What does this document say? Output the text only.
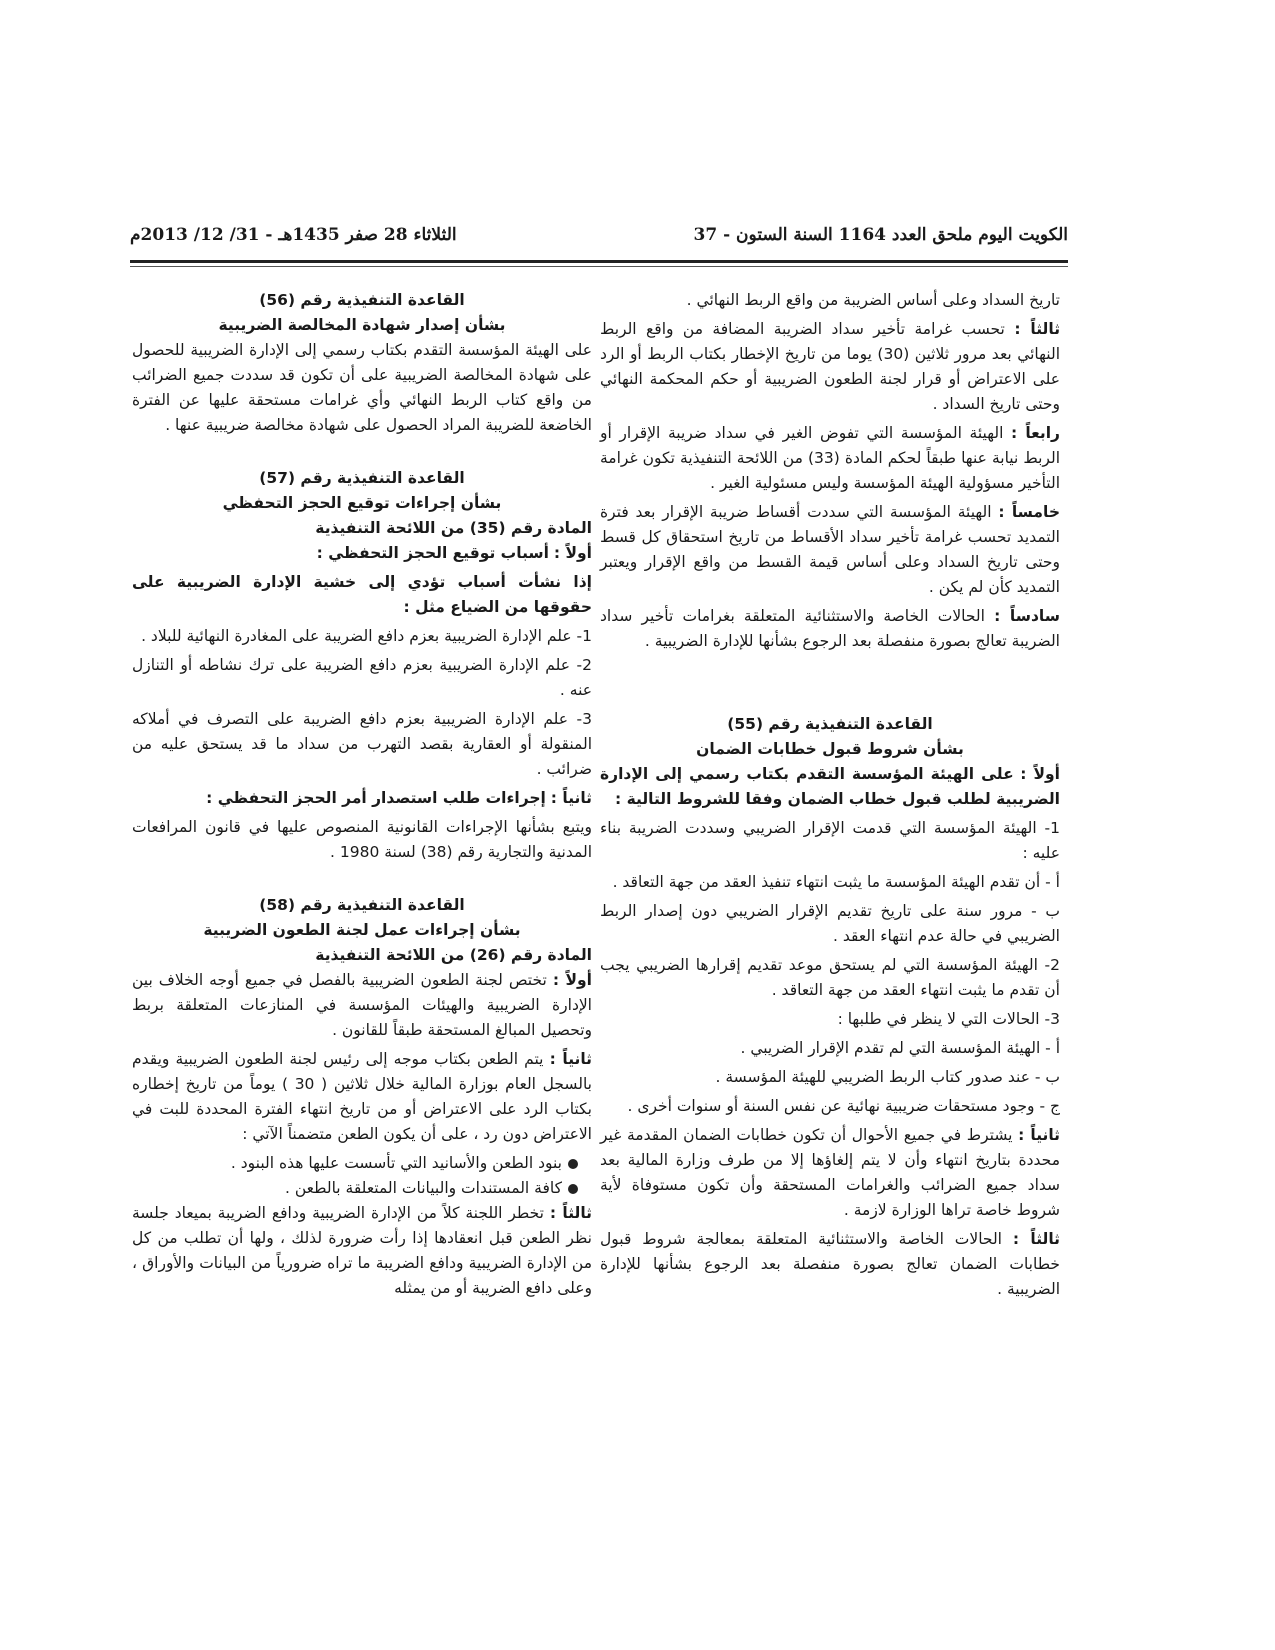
الكويت اليوم ملحق العدد 1164 السنة الستون - 37
الثلاثاء 28 صفر 1435هـ - 31/ 12/ 2013م

تاريخ السداد وعلى أساس الضريبة من واقع الربط النهائي .

ثالثاً : تحسب غرامة تأخير سداد الضريبة المضافة من واقع الربط النهائي بعد مرور ثلاثين (30) يوما من تاريخ الإخطار بكتاب الربط أو الرد على الاعتراض أو قرار لجنة الطعون الضريبية أو حكم المحكمة النهائي وحتى تاريخ السداد .

رابعاً : الهيئة المؤسسة التي تفوض الغير في سداد ضريبة الإقرار أو الربط نيابة عنها طبقاً لحكم المادة (33) من اللائحة التنفيذية تكون غرامة التأخير مسؤولية الهيئة المؤسسة وليس مسئولية الغير .

خامساً : الهيئة المؤسسة التي سددت أقساط ضريبة الإقرار بعد فترة التمديد تحسب غرامة تأخير سداد الأقساط من تاريخ استحقاق كل قسط وحتى تاريخ السداد وعلى أساس قيمة القسط من واقع الإقرار ويعتبر التمديد كأن لم يكن .

سادساً : الحالات الخاصة والاستثنائية المتعلقة بغرامات تأخير سداد الضريبة تعالج بصورة منفصلة بعد الرجوع بشأنها للإدارة الضريبية .

القاعدة التنفيذية رقم (55)

بشأن شروط قبول خطابات الضمان

أولاً : على الهيئة المؤسسة التقدم بكتاب رسمي إلى الإدارة الضريبية لطلب قبول خطاب الضمان وفقا للشروط التالية :

1- الهيئة المؤسسة التي قدمت الإقرار الضريبي وسددت الضريبة بناء عليه :

أ - أن تقدم الهيئة المؤسسة ما يثبت انتهاء تنفيذ العقد من جهة التعاقد .

ب - مرور سنة على تاريخ تقديم الإقرار الضريبي دون إصدار الربط الضريبي في حالة عدم انتهاء العقد .

2- الهيئة المؤسسة التي لم يستحق موعد تقديم إقرارها الضريبي يجب أن تقدم ما يثبت انتهاء العقد من جهة التعاقد .

3- الحالات التي لا ينظر في طلبها :

أ - الهيئة المؤسسة التي لم تقدم الإقرار الضريبي .

ب - عند صدور كتاب الربط الضريبي للهيئة المؤسسة .

ج - وجود مستحقات ضريبية نهائية عن نفس السنة أو سنوات أخرى .

ثانياً : يشترط في جميع الأحوال أن تكون خطابات الضمان المقدمة غير محددة بتاريخ انتهاء وأن لا يتم إلغاؤها إلا من طرف وزارة المالية بعد سداد جميع الضرائب والغرامات المستحقة وأن تكون مستوفاة لأية شروط خاصة تراها الوزارة لازمة .

ثالثاً : الحالات الخاصة والاستثنائية المتعلقة بمعالجة شروط قبول خطابات الضمان تعالج بصورة منفصلة بعد الرجوع بشأنها للإدارة الضريبية .

القاعدة التنفيذية رقم (56)

بشأن إصدار شهادة المخالصة الضريبية

على الهيئة المؤسسة التقدم بكتاب رسمي إلى الإدارة الضريبية للحصول على شهادة المخالصة الضريبية على أن تكون قد سددت جميع الضرائب من واقع كتاب الربط النهائي وأي غرامات مستحقة عليها عن الفترة الخاضعة للضريبة المراد الحصول على شهادة مخالصة ضريبية عنها .

القاعدة التنفيذية رقم (57)

بشأن إجراءات توقيع الحجز التحفظي

المادة رقم (35) من اللائحة التنفيذية

أولاً : أسباب توقيع الحجز التحفظي :

إذا نشأت أسباب تؤدي إلى خشية الإدارة الضريبية على حقوقها من الضياع مثل :

1- علم الإدارة الضريبية بعزم دافع الضريبة على المغادرة النهائية للبلاد .

2- علم الإدارة الضريبية بعزم دافع الضريبة على ترك نشاطه أو التنازل عنه .

3- علم الإدارة الضريبية بعزم دافع الضريبة على التصرف في أملاكه المنقولة أو العقارية بقصد التهرب من سداد ما قد يستحق عليه من ضرائب .

ثانياً : إجراءات طلب استصدار أمر الحجز التحفظي :

ويتبع بشأنها الإجراءات القانونية المنصوص عليها في قانون المرافعات المدنية والتجارية رقم (38) لسنة 1980 .

القاعدة التنفيذية رقم (58)

بشأن إجراءات عمل لجنة الطعون الضريبية

المادة رقم (26) من اللائحة التنفيذية

أولاً : تختص لجنة الطعون الضريبية بالفصل في جميع أوجه الخلاف بين الإدارة الضريبية والهيئات المؤسسة في المنازعات المتعلقة بربط وتحصيل المبالغ المستحقة طبقاً للقانون .

ثانياً : يتم الطعن بكتاب موجه إلى رئيس لجنة الطعون الضريبية ويقدم بالسجل العام بوزارة المالية خلال ثلاثين ( 30 ) يوماً من تاريخ إخطاره بكتاب الرد على الاعتراض أو من تاريخ انتهاء الفترة المحددة للبت في الاعتراض دون رد ، على أن يكون الطعن متضمناً الآتي :

بنود الطعن والأسانيد التي تأسست عليها هذه البنود .

كافة المستندات والبيانات المتعلقة بالطعن .

ثالثاً : تخطر اللجنة كلاً من الإدارة الضريبية ودافع الضريبة بميعاد جلسة نظر الطعن قبل انعقادها إذا رأت ضرورة لذلك ، ولها أن تطلب من كل من الإدارة الضريبية ودافع الضريبة ما تراه ضرورياً من البيانات والأوراق ، وعلى دافع الضريبة أو من يمثله
